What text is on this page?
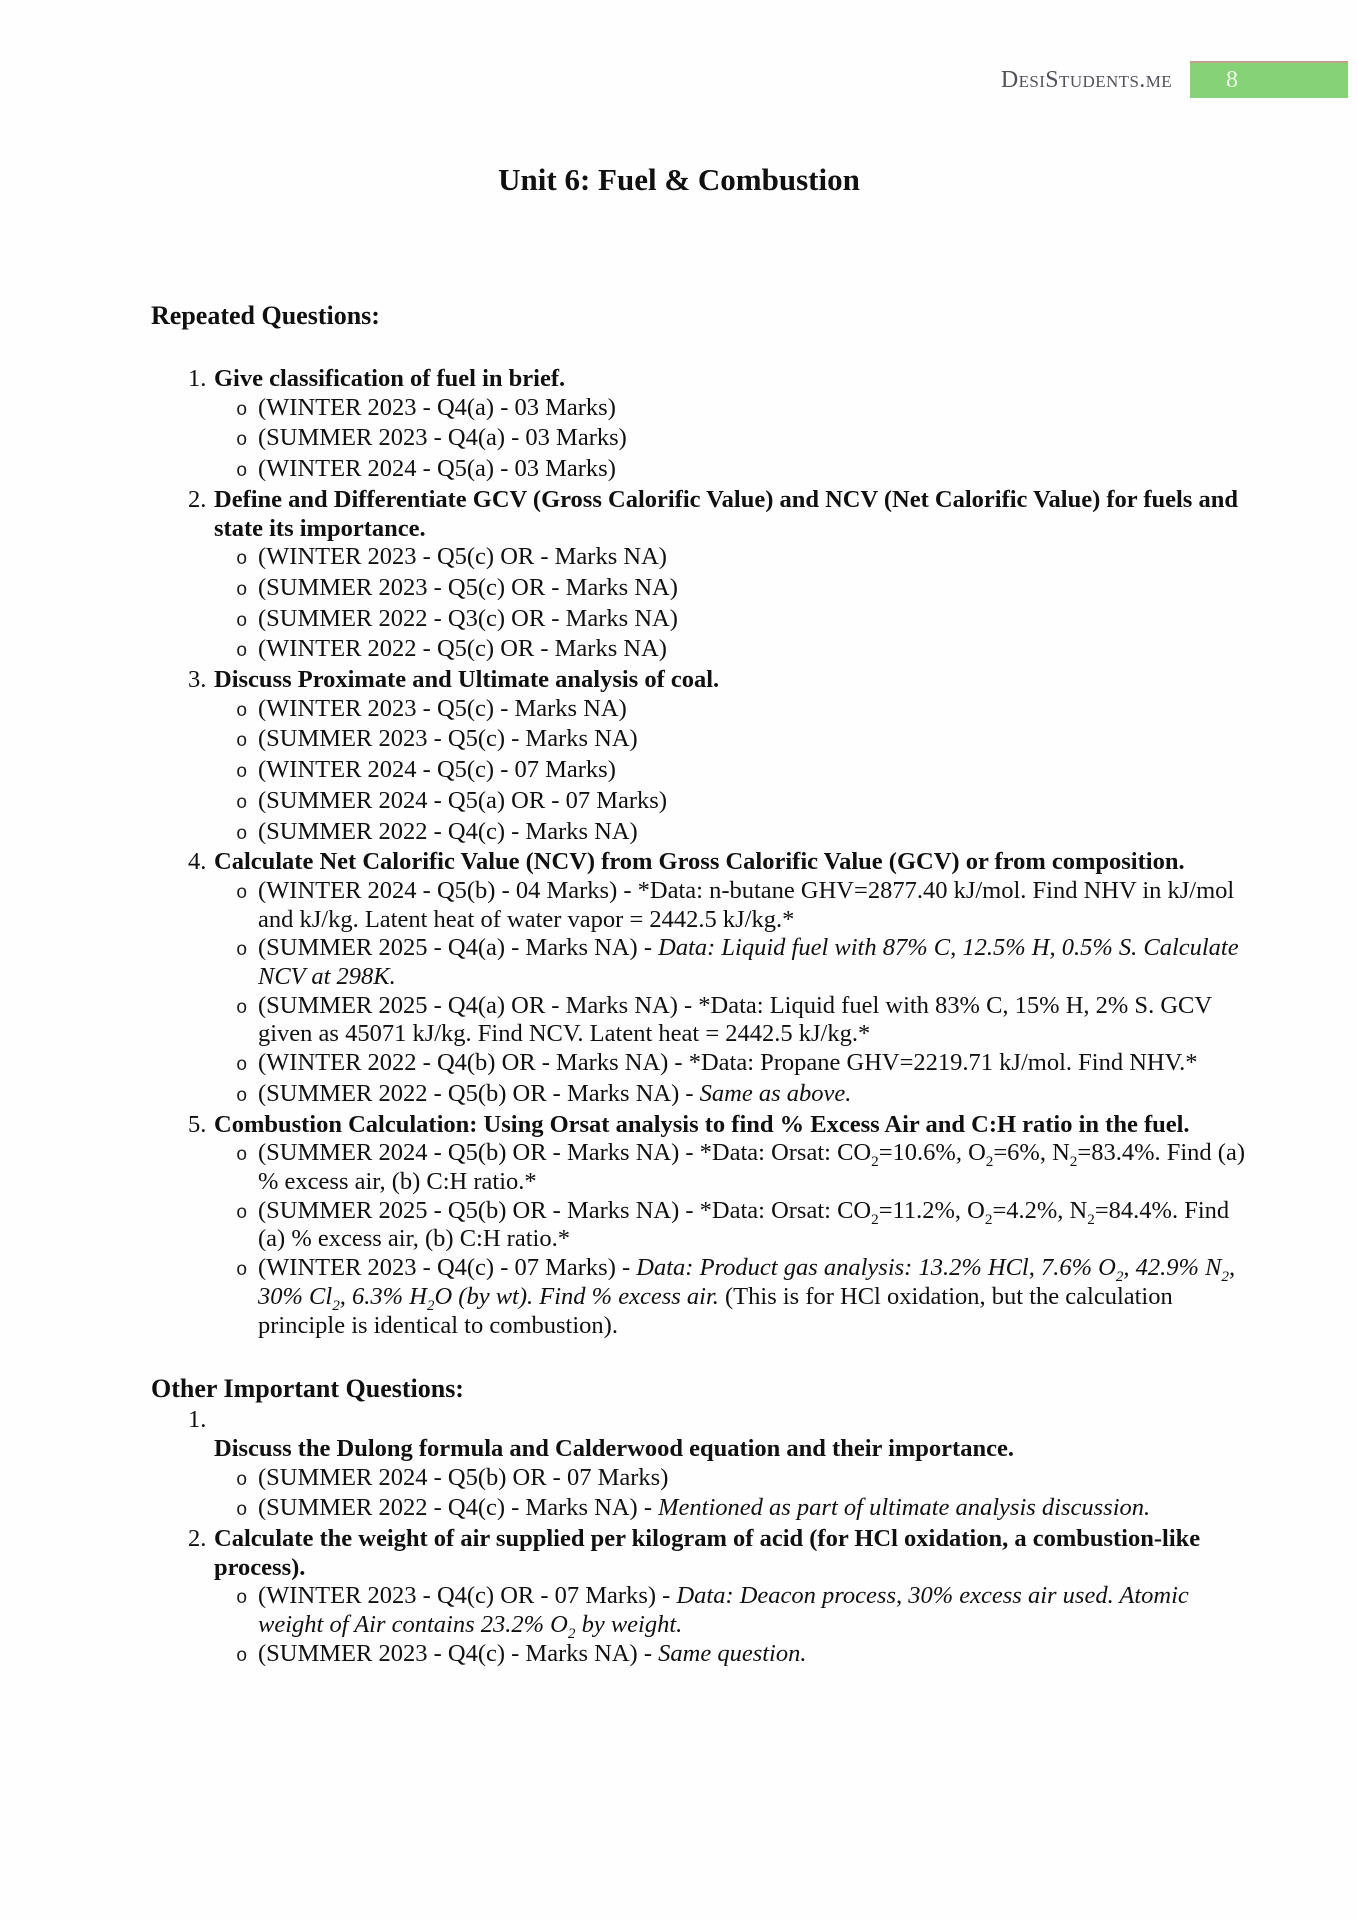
DesiStudents.me	8
Unit 6: Fuel & Combustion
Repeated Questions:
1. Give classification of fuel in brief.
o (WINTER 2023 - Q4(a) - 03 Marks)
o (SUMMER 2023 - Q4(a) - 03 Marks)
o (WINTER 2024 - Q5(a) - 03 Marks)
2. Define and Differentiate GCV (Gross Calorific Value) and NCV (Net Calorific Value) for fuels and state its importance.
o (WINTER 2023 - Q5(c) OR - Marks NA)
o (SUMMER 2023 - Q5(c) OR - Marks NA)
o (SUMMER 2022 - Q3(c) OR - Marks NA)
o (WINTER 2022 - Q5(c) OR - Marks NA)
3. Discuss Proximate and Ultimate analysis of coal.
o (WINTER 2023 - Q5(c) - Marks NA)
o (SUMMER 2023 - Q5(c) - Marks NA)
o (WINTER 2024 - Q5(c) - 07 Marks)
o (SUMMER 2024 - Q5(a) OR - 07 Marks)
o (SUMMER 2022 - Q4(c) - Marks NA)
4. Calculate Net Calorific Value (NCV) from Gross Calorific Value (GCV) or from composition.
o (WINTER 2024 - Q5(b) - 04 Marks) - *Data: n-butane GHV=2877.40 kJ/mol. Find NHV in kJ/mol and kJ/kg. Latent heat of water vapor = 2442.5 kJ/kg.*
o (SUMMER 2025 - Q4(a) - Marks NA) - Data: Liquid fuel with 87% C, 12.5% H, 0.5% S. Calculate NCV at 298K.
o (SUMMER 2025 - Q4(a) OR - Marks NA) - *Data: Liquid fuel with 83% C, 15% H, 2% S. GCV given as 45071 kJ/kg. Find NCV. Latent heat = 2442.5 kJ/kg.*
o (WINTER 2022 - Q4(b) OR - Marks NA) - *Data: Propane GHV=2219.71 kJ/mol. Find NHV.*
o (SUMMER 2022 - Q5(b) OR - Marks NA) - Same as above.
5. Combustion Calculation: Using Orsat analysis to find % Excess Air and C:H ratio in the fuel.
o (SUMMER 2024 - Q5(b) OR - Marks NA) - *Data: Orsat: $CO_2=10.6\%$, $O_2=6\%$, $N_2=83.4\%$. Find (a) % excess air, (b) C:H ratio.*
o (SUMMER 2025 - Q5(b) OR - Marks NA) - *Data: Orsat: $CO_2=11.2\%$, $O_2=4.2\%$, $N_2=84.4\%$. Find (a) % excess air, (b) C:H ratio.*
o (WINTER 2023 - Q4(c) - 07 Marks) - Data: Product gas analysis: 13.2% HCl, 7.6% $O_2$, 42.9% $N_2$, 30% $Cl_2$, 6.3% $H_2O$ (by wt). Find % excess air. (This is for HCl oxidation, but the calculation principle is identical to combustion).
Other Important Questions:
1.
Discuss the Dulong formula and Calderwood equation and their importance.
o (SUMMER 2024 - Q5(b) OR - 07 Marks)
o (SUMMER 2022 - Q4(c) - Marks NA) - Mentioned as part of ultimate analysis discussion.
2. Calculate the weight of air supplied per kilogram of acid (for HCl oxidation, a combustion-like process).
o (WINTER 2023 - Q4(c) OR - 07 Marks) - Data: Deacon process, 30% excess air used. Atomic weight of Air contains 23.2% $O_2$ by weight.
o (SUMMER 2023 - Q4(c) - Marks NA) - Same question.
